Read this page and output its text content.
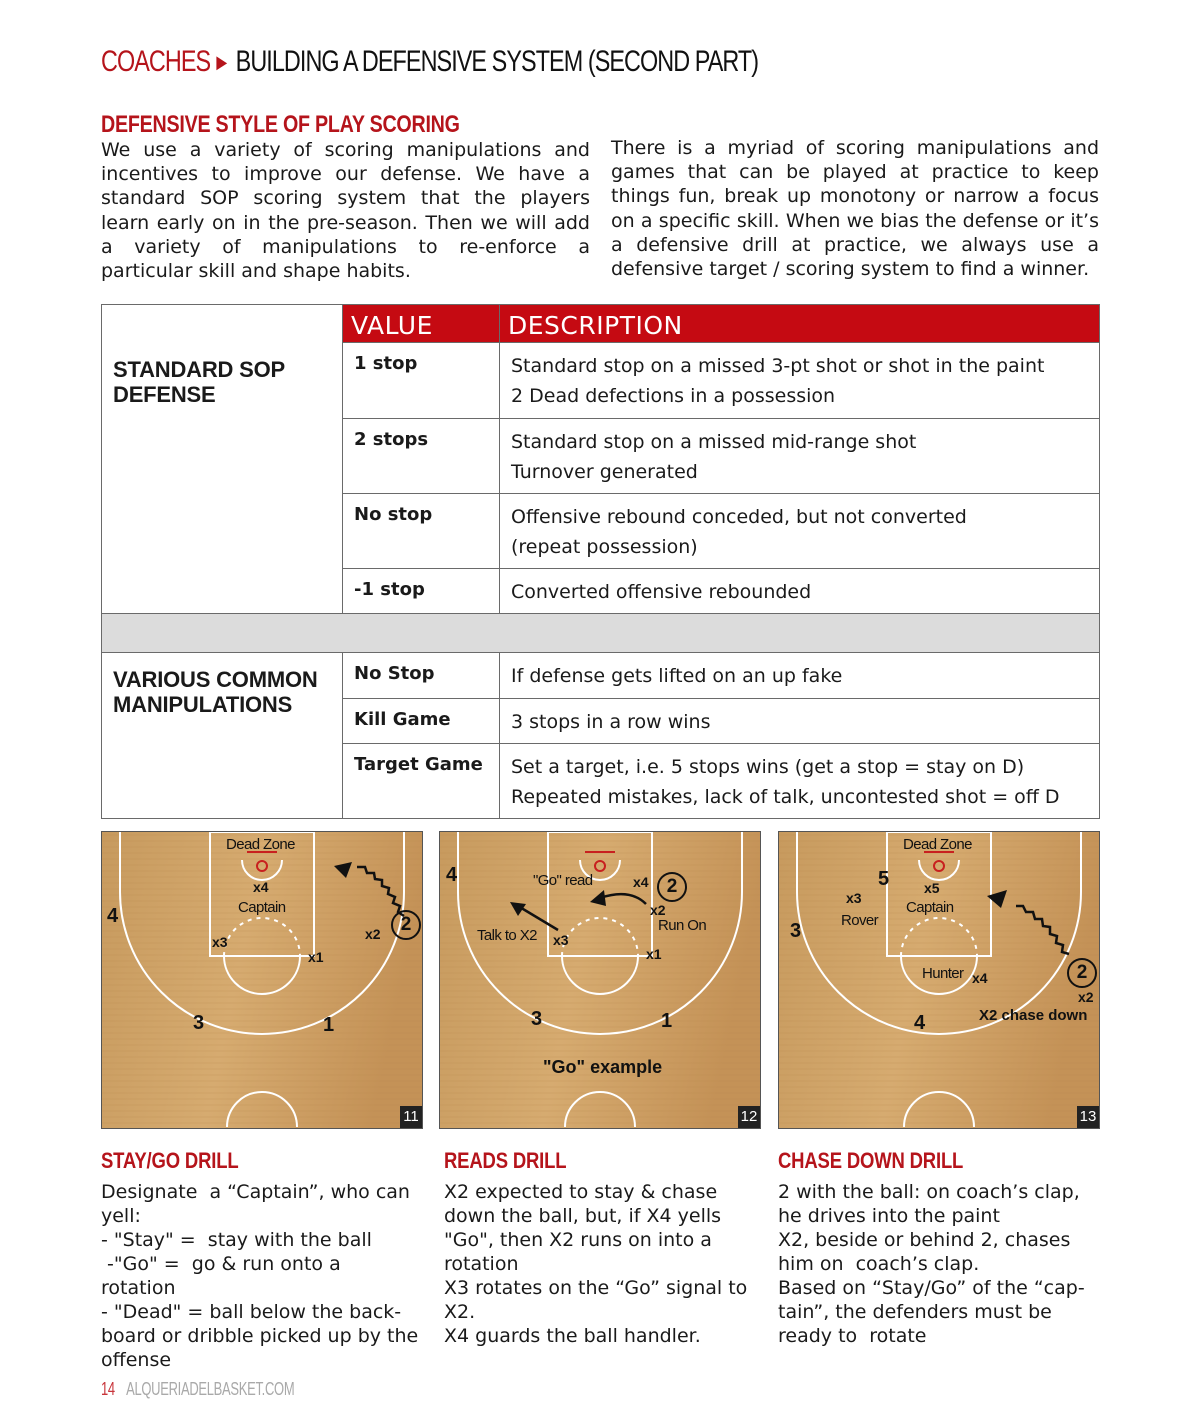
COACHES ▶ BUILDING A DEFENSIVE SYSTEM (SECOND PART)
DEFENSIVE STYLE OF PLAY SCORING
We use a variety of scoring manipulations and incentives to improve our defense. We have a standard SOP scoring system that the players learn early on in the pre-season. Then we will add a variety of manipulations to re-enforce a particular skill and shape habits.
There is a myriad of scoring manipulations and games that can be played at practice to keep things fun, break up monotony or narrow a focus on a specific skill. When we bias the defense or it’s a defensive drill at practice, we always use a defensive target / scoring system to find a winner.
STANDARD SOP DEFENSE	VALUE	DESCRIPTION
	1 stop	Standard stop on a missed 3-pt shot or shot in the paint
2 Dead defections in a possession

	2 stops	Standard stop on a missed mid-range shot
Turnover generated

	No stop	Offensive rebound conceded, but not converted
(repeat possession)

	-1 stop	Converted offensive rebounded

VARIOUS COMMON MANIPULATIONS	No Stop	If defense gets lifted on an up fake

	Kill Game	3 stops in a row wins

	Target Game	Set a target, i.e. 5 stops wins (get a stop = stay on D)
Repeated mistakes, lack of talk, uncontested shot = off D
Dead Zone
x4
Captain
4
x3	x2	2
x1
3	1
11
4	"Go" read	x4 2
x2
Run On
Talk to X2 x3
x1
3	1
"Go" example
12
Dead Zone
5 x5
x3
Captain
Rover
3
Hunter x4	2
x2
4	X2 chase down
13
STAY/GO DRILL
Designate  a “Captain”, who can yell:
- "Stay" =  stay with the ball
-"Go" =  go & run onto a rotation
- "Dead" = ball below the back-board or dribble picked up by the offense
READS DRILL
X2 expected to stay & chase down the ball, but, if X4 yells "Go", then X2 runs on into a rotation
X3 rotates on the “Go” signal to X2.
X4 guards the ball handler.
CHASE DOWN DRILL
2 with the ball: on coach’s clap, he drives into the paint
X2, beside or behind 2, chases  him on  coach’s clap.
Based on “Stay/Go” of the “cap-tain”, the defenders must be ready to  rotate
14 ALQUERIADELBASKET.COM
